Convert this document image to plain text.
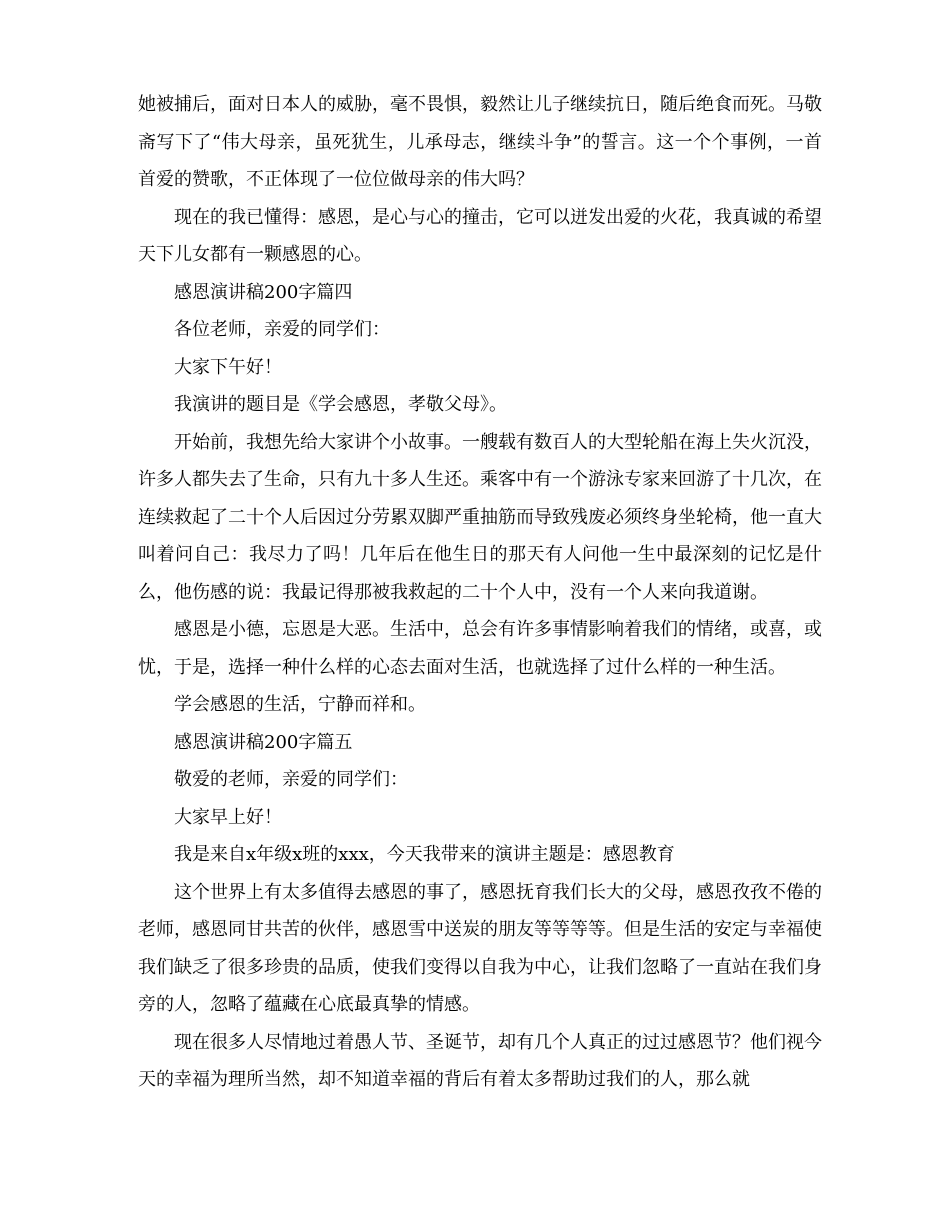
她被捕后，面对日本人的威胁，毫不畏惧，毅然让儿子继续抗日，随后绝食而死。马敬斋写下了“伟大母亲，虽死犹生，儿承母志，继续斗争”的誓言。这一个个事例，一首首爱的赞歌，不正体现了一位位做母亲的伟大吗？

现在的我已懂得：感恩，是心与心的撞击，它可以迸发出爱的火花，我真诚的希望天下儿女都有一颗感恩的心。

感恩演讲稿200字篇四

各位老师，亲爱的同学们：

大家下午好！

我演讲的题目是《学会感恩，孝敬父母》。

开始前，我想先给大家讲个小故事。一艘载有数百人的大型轮船在海上失火沉没，许多人都失去了生命，只有九十多人生还。乘客中有一个游泳专家来回游了十几次，在连续救起了二十个人后因过分劳累双脚严重抽筋而导致残废必须终身坐轮椅，他一直大叫着问自己：我尽力了吗！几年后在他生日的那天有人问他一生中最深刻的记忆是什么，他伤感的说：我最记得那被我救起的二十个人中，没有一个人来向我道谢。

感恩是小德，忘恩是大恶。生活中，总会有许多事情影响着我们的情绪，或喜，或忧，于是，选择一种什么样的心态去面对生活，也就选择了过什么样的一种生活。

学会感恩的生活，宁静而祥和。

感恩演讲稿200字篇五

敬爱的老师，亲爱的同学们：

大家早上好！

我是来自x年级x班的xxx，今天我带来的演讲主题是：感恩教育

这个世界上有太多值得去感恩的事了，感恩抚育我们长大的父母，感恩孜孜不倦的老师，感恩同甘共苦的伙伴，感恩雪中送炭的朋友等等等等。但是生活的安定与幸福使我们缺乏了很多珍贵的品质，使我们变得以自我为中心，让我们忽略了一直站在我们身旁的人，忽略了蕴藏在心底最真挚的情感。

现在很多人尽情地过着愚人节、圣诞节，却有几个人真正的过过感恩节？他们视今天的幸福为理所当然，却不知道幸福的背后有着太多帮助过我们的人，那么就
